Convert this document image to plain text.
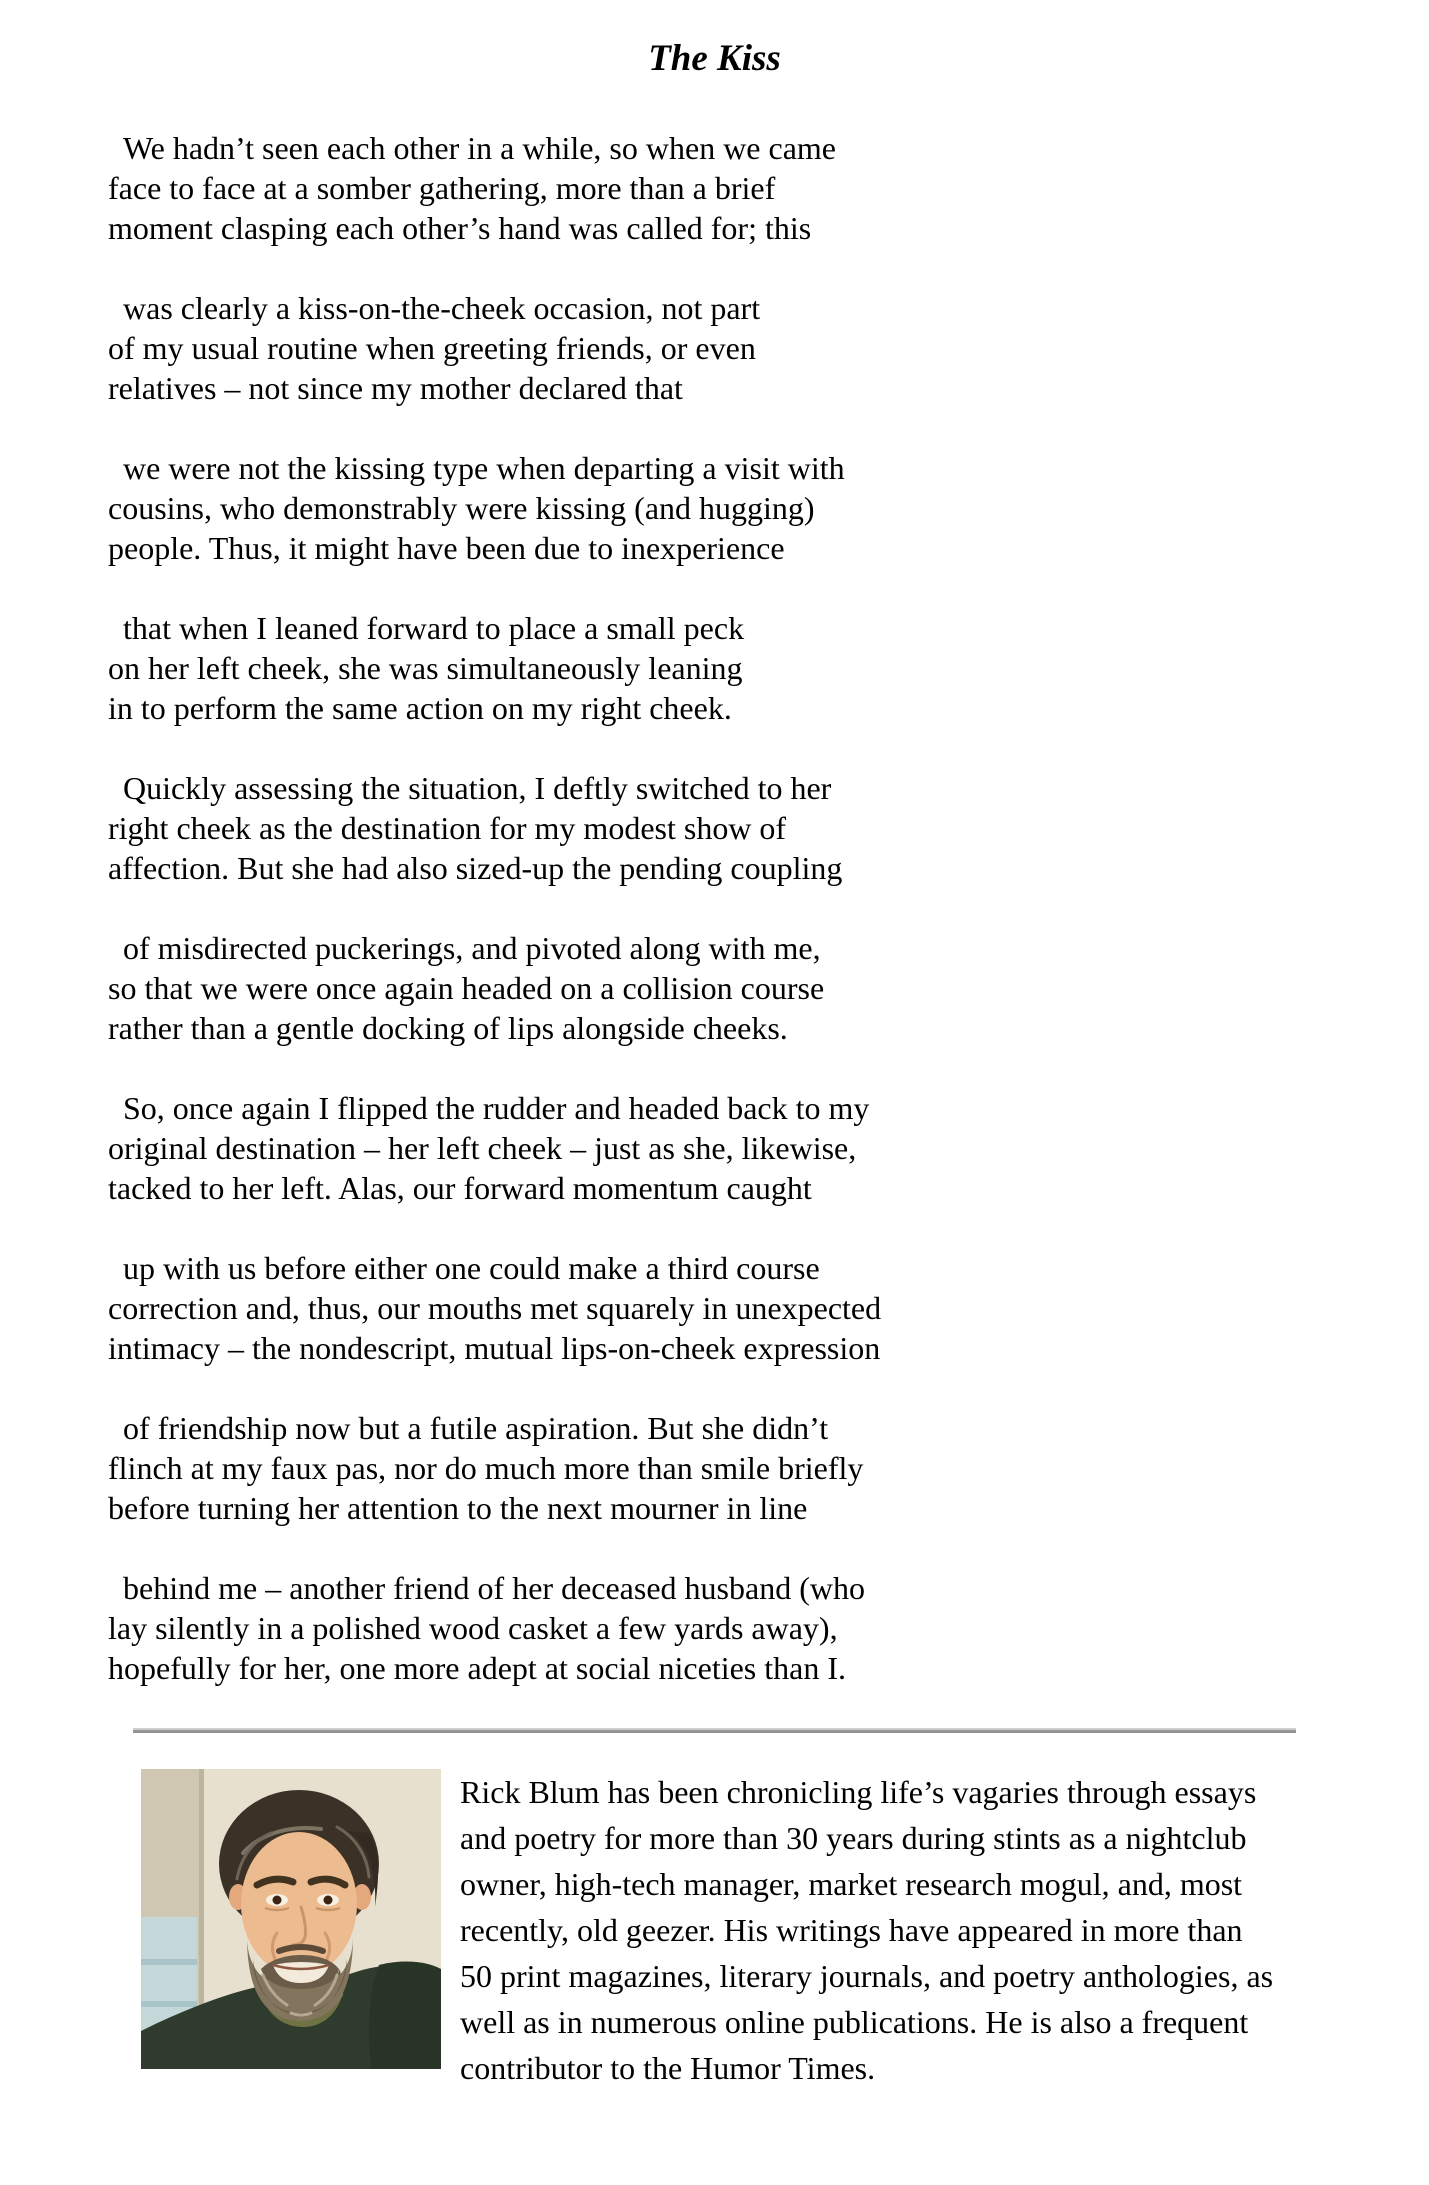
The Kiss

We hadn’t seen each other in a while, so when we came
face to face at a somber gathering, more than a brief
moment clasping each other’s hand was called for; this

was clearly a kiss-on-the-cheek occasion, not part
of my usual routine when greeting friends, or even
relatives – not since my mother declared that

we were not the kissing type when departing a visit with
cousins, who demonstrably were kissing (and hugging)
people. Thus, it might have been due to inexperience

that when I leaned forward to place a small peck
on her left cheek, she was simultaneously leaning
in to perform the same action on my right cheek.

Quickly assessing the situation, I deftly switched to her
right cheek as the destination for my modest show of
affection. But she had also sized-up the pending coupling

of misdirected puckerings, and pivoted along with me,
so that we were once again headed on a collision course
rather than a gentle docking of lips alongside cheeks.

So, once again I flipped the rudder and headed back to my
original destination – her left cheek – just as she, likewise,
tacked to her left. Alas, our forward momentum caught

up with us before either one could make a third course
correction and, thus, our mouths met squarely in unexpected
intimacy – the nondescript, mutual lips-on-cheek expression

of friendship now but a futile aspiration. But she didn’t
flinch at my faux pas, nor do much more than smile briefly
before turning her attention to the next mourner in line

behind me – another friend of her deceased husband (who
lay silently in a polished wood casket a few yards away),
hopefully for her, one more adept at social niceties than I.

Rick Blum has been chronicling life’s vagaries through essays
and poetry for more than 30 years during stints as a nightclub
owner, high-tech manager, market research mogul, and, most
recently, old geezer. His writings have appeared in more than
50 print magazines, literary journals, and poetry anthologies, as
well as in numerous online publications. He is also a frequent
contributor to the Humor Times.
